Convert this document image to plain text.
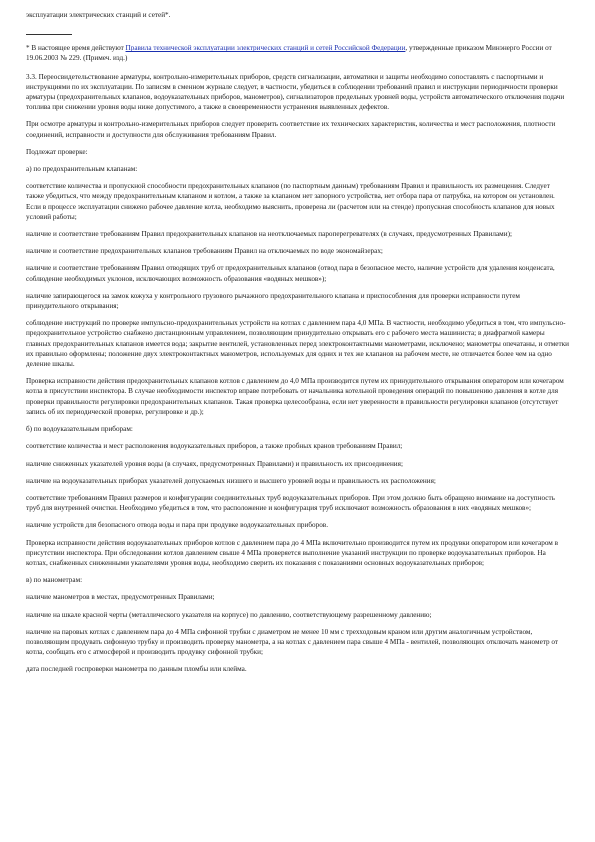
эксплуатации электрических станций и сетей*.

* В настоящее время действуют Правила технической эксплуатации электрических станций и сетей Российской Федерации, утвержденные приказом Минэнерго России от 19.06.2003 № 229. (Примеч. изд.)

3.3. Переосвидетельствование арматуры, контрольно-измерительных приборов, средств сигнализации, автоматики и защиты необходимо сопоставлять с паспортными и инструкциями по их эксплуатации. По записям в сменном журнале следует, в частности, убедиться в соблюдении требований правил и инструкции периодичности проверки арматуры (предохранительных клапанов, водоуказательных приборов, манометров), сигнализаторов предельных уровней воды, устройств автоматического отключения подачи топлива при снижении уровня воды ниже допустимого, а также в своевременности устранения выявленных дефектов.

При осмотре арматуры и контрольно-измерительных приборов следует проверить соответствие их технических характеристик, количества и мест расположения, плотности соединений, исправности и доступности для обслуживания требованиям Правил.

Подлежат проверке:

а) по предохранительным клапанам:

соответствие количества и пропускной способности предохранительных клапанов (по паспортным данным) требованиям Правил и правильность их размещения. Следует также убедиться, что между предохранительным клапаном и котлом, а также за клапаном нет запорного устройства, нет отбора пара от патрубка, на котором он установлен. Если в процессе эксплуатации снижено рабочее давление котла, необходимо выяснить, проверена ли (расчетом или на стенде) пропускная способность клапанов для новых условий работы;

наличие и соответствие требованиям Правил предохранительных клапанов на неотключаемых пароперегревателях (в случаях, предусмотренных Правилами);

наличие и соответствие предохранительных клапанов требованиям Правил на отключаемых по воде экономайзерах;

наличие и соответствие требованиям Правил отводящих труб от предохранительных клапанов (отвод пара в безопасное место, наличие устройств для удаления конденсата, соблюдение необходимых уклонов, исключающих возможность образования «водяных мешков»);

наличие запирающегося на замок кожуха у контрольного грузового рычажного предохранительного клапана и приспособления для проверки исправности путем принудительного открывания;

соблюдение инструкций по проверке импульсно-предохранительных устройств на котлах с давлением пара 4,0 МПа. В частности, необходимо убедиться в том, что импульсно-предохранительное устройство снабжено дистанционным управлением, позволяющим принудительно открывать его с рабочего места машиниста; в диафрагмой камеры главных предохранительных клапанов имеется вода; закрытие вентилей, установленных перед электроконтактными манометрами, исключено; манометры опечатаны, и отметки их правильно оформлены; положение двух электроконтактных манометров, используемых для одних и тех же клапанов на рабочем месте, не отличается более чем на одно деление шкалы.

Проверка исправности действия предохранительных клапанов котлов с давлением до 4,0 МПа производится путем их принудительного открывания оператором или кочегаром котла в присутствии инспектора. В случае необходимости инспектор вправе потребовать от начальника котельной проведения операций по повышению давления в котле для проверки правильности регулировки предохранительных клапанов. Такая проверка целесообразна, если нет уверенности в правильности регулировки клапанов (отсутствует запись об их периодической проверке, регулировке и др.);

б) по водоуказательным приборам:

соответствие количества и мест расположения водоуказательных приборов, а также пробных кранов требованиям Правил;

наличие сниженных указателей уровня воды (в случаях, предусмотренных Правилами) и правильность их присоединения;

наличие на водоуказательных приборах указателей допускаемых низшего и высшего уровней воды и правильность их расположения;

соответствие требованиям Правил размеров и конфигурации соединительных труб водоуказательных приборов. При этом должно быть обращено внимание на доступность труб для внутренней очистки. Необходимо убедиться в том, что расположение и конфигурация труб исключают возможность образования в них «водяных мешков»;

наличие устройств для безопасного отвода воды и пара при продувке водоуказательных приборов.

Проверка исправности действия водоуказательных приборов котлов с давлением пара до 4 МПа включительно производится путем их продувки оператором или кочегаром в присутствии инспектора. При обследовании котлов давлением свыше 4 МПа проверяется выполнение указаний инструкции по проверке водоуказательных приборов. На котлах, снабженных сниженными указателями уровня воды, необходимо сверить их показания с показаниями основных водоуказательных приборов;

в) по манометрам:

наличие манометров в местах, предусмотренных Правилами;

наличие на шкале красной черты (металлического указателя на корпусе) по давлению, соответствующему разрешенному давлению;

наличие на паровых котлах с давлением пара до 4 МПа сифонной трубки с диаметром не менее 10 мм с трехходовым краном или другим аналогичным устройством, позволяющим продувать сифонную трубку и производить проверку манометра, а на котлах с давлением пара свыше 4 МПа - вентилей, позволяющих отключать манометр от котла, сообщать его с атмосферой и производить продувку сифонной трубки;

дата последней госпроверки манометра по данным пломбы или клейма.
